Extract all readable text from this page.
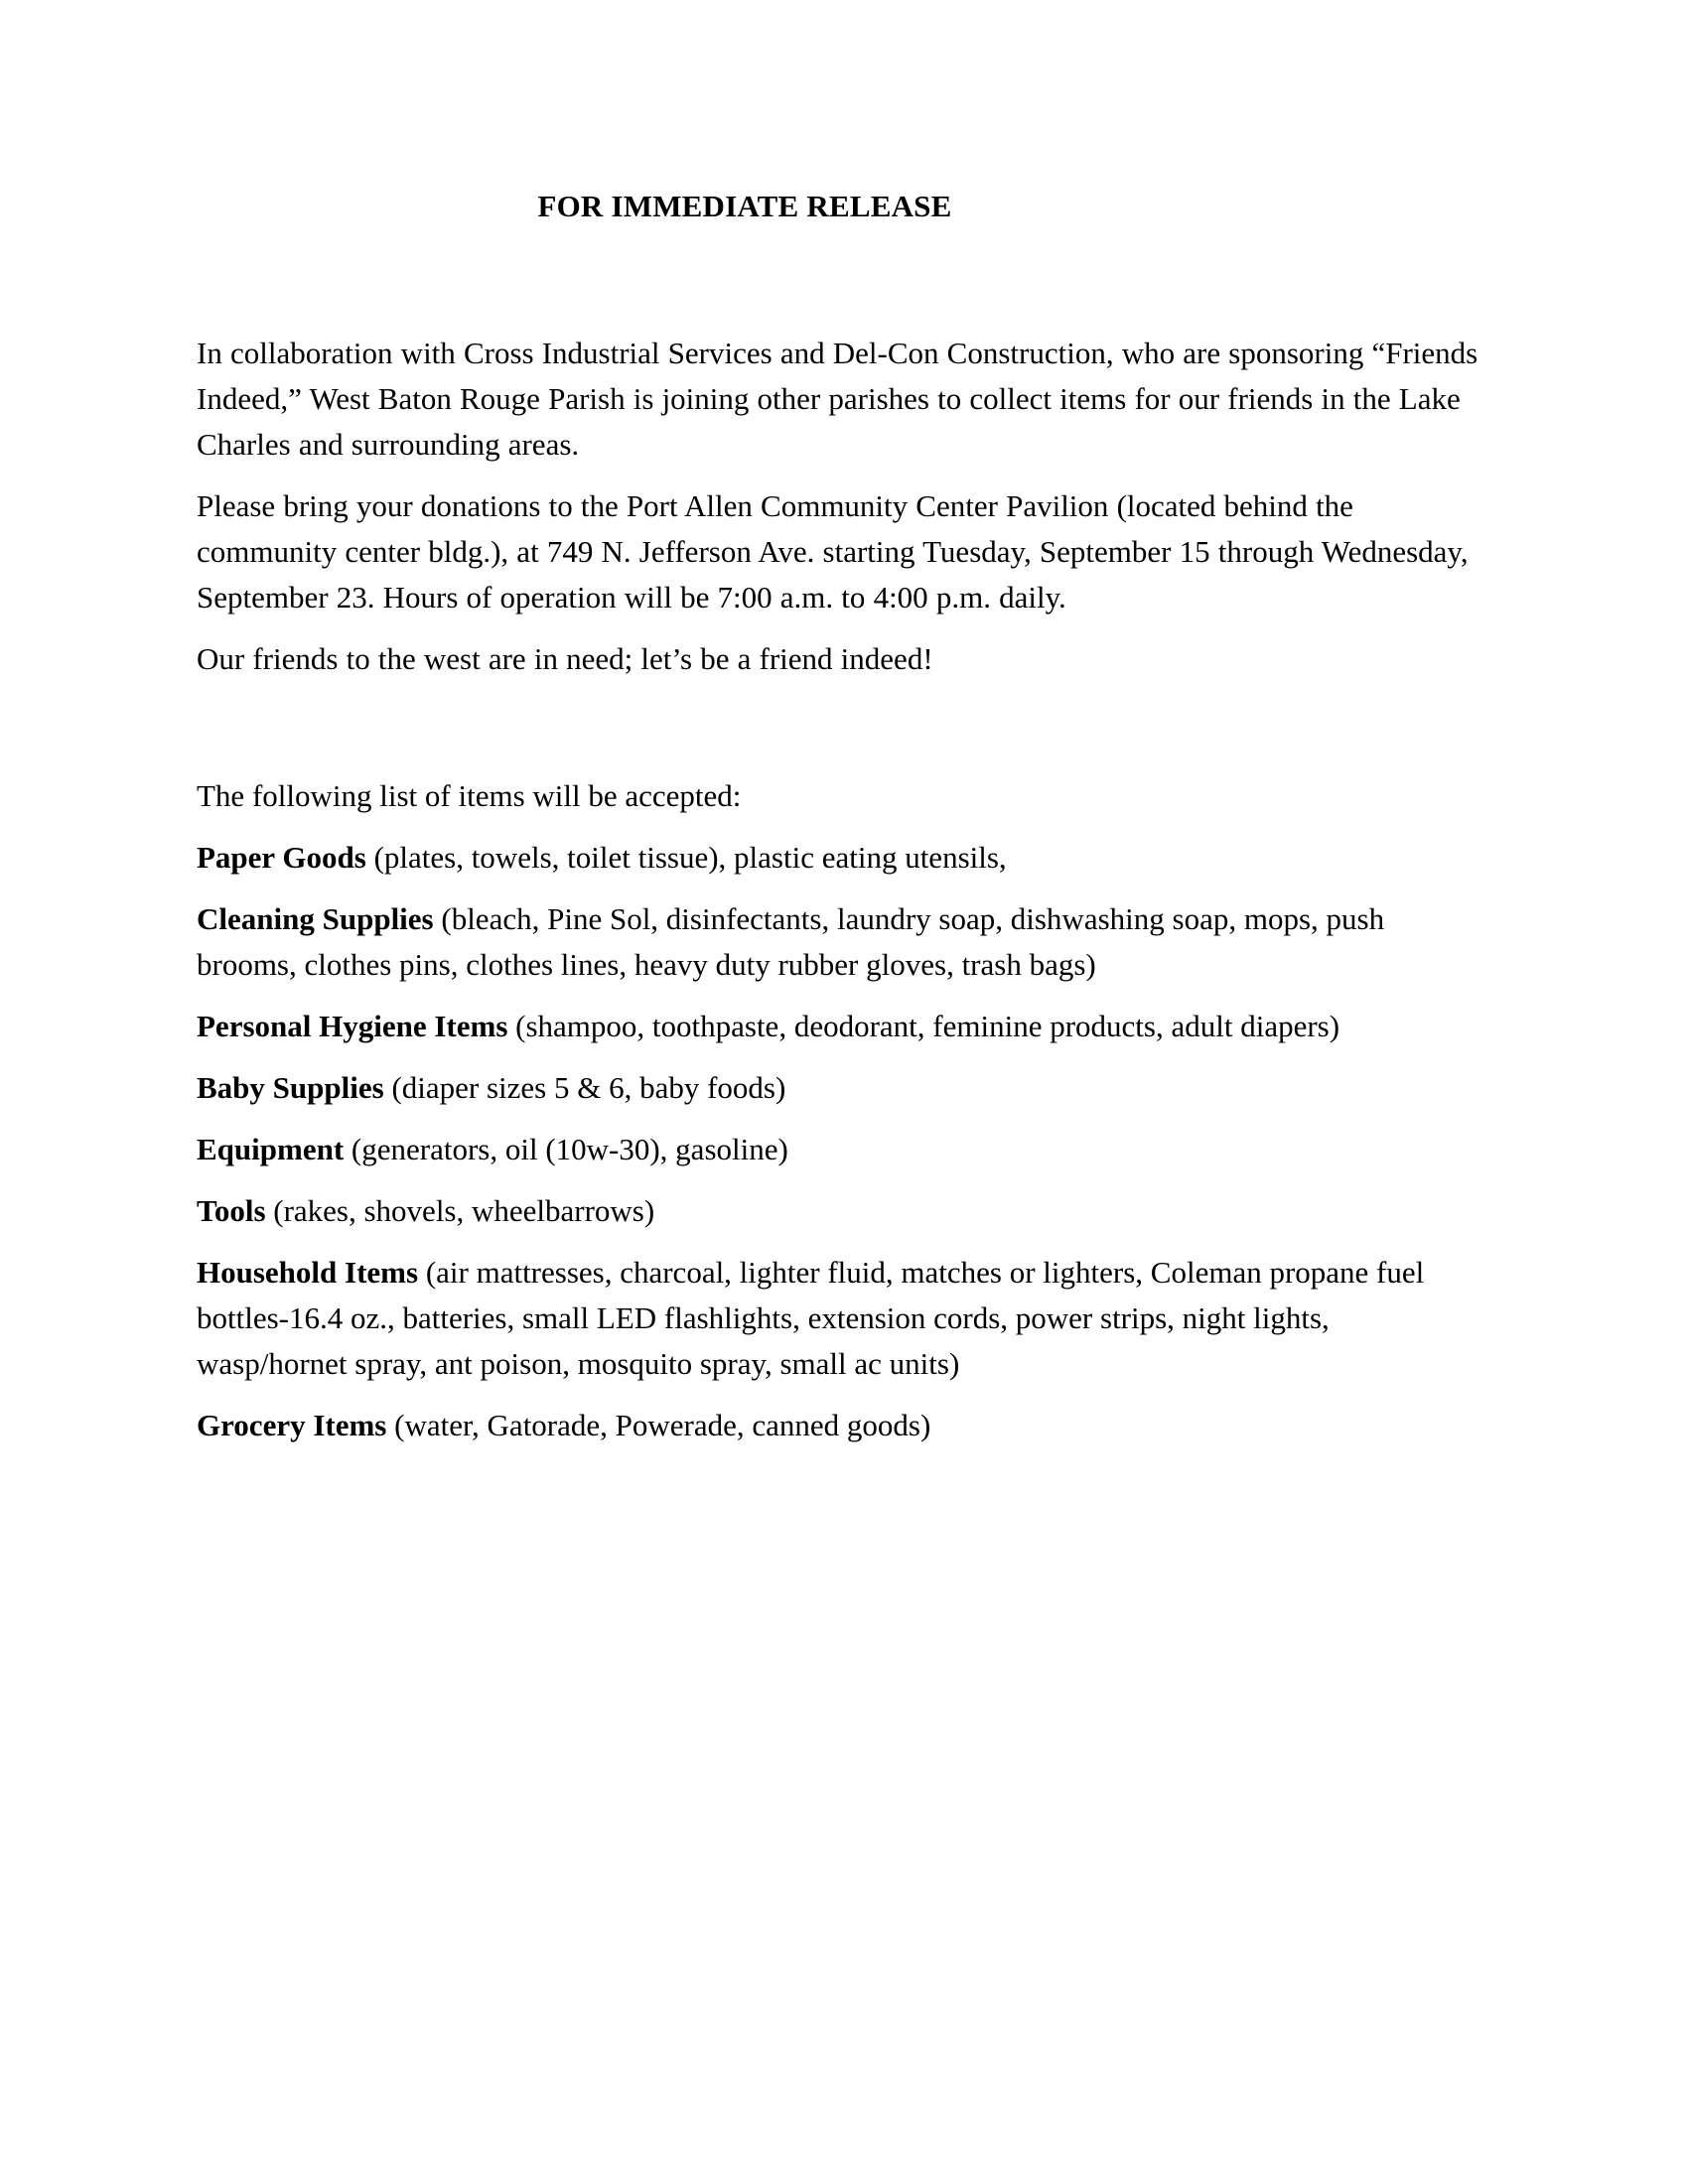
FOR IMMEDIATE RELEASE

In collaboration with Cross Industrial Services and Del-Con Construction, who are sponsoring “Friends Indeed,” West Baton Rouge Parish is joining other parishes to collect items for our friends in the Lake Charles and surrounding areas.

Please bring your donations to the Port Allen Community Center Pavilion (located behind the community center bldg.), at 749 N. Jefferson Ave. starting Tuesday, September 15 through Wednesday, September 23. Hours of operation will be 7:00 a.m. to 4:00 p.m. daily.

Our friends to the west are in need; let’s be a friend indeed!

The following list of items will be accepted:

Paper Goods (plates, towels, toilet tissue), plastic eating utensils,
Cleaning Supplies (bleach, Pine Sol, disinfectants, laundry soap, dishwashing soap, mops, push brooms, clothes pins, clothes lines, heavy duty rubber gloves, trash bags)
Personal Hygiene Items (shampoo, toothpaste, deodorant, feminine products, adult diapers)
Baby Supplies (diaper sizes 5 & 6, baby foods)
Equipment (generators, oil (10w-30), gasoline)
Tools (rakes, shovels, wheelbarrows)
Household Items (air mattresses, charcoal, lighter fluid, matches or lighters, Coleman propane fuel bottles-16.4 oz., batteries, small LED flashlights, extension cords, power strips, night lights, wasp/hornet spray, ant poison, mosquito spray, small ac units)
Grocery Items (water, Gatorade, Powerade, canned goods)
